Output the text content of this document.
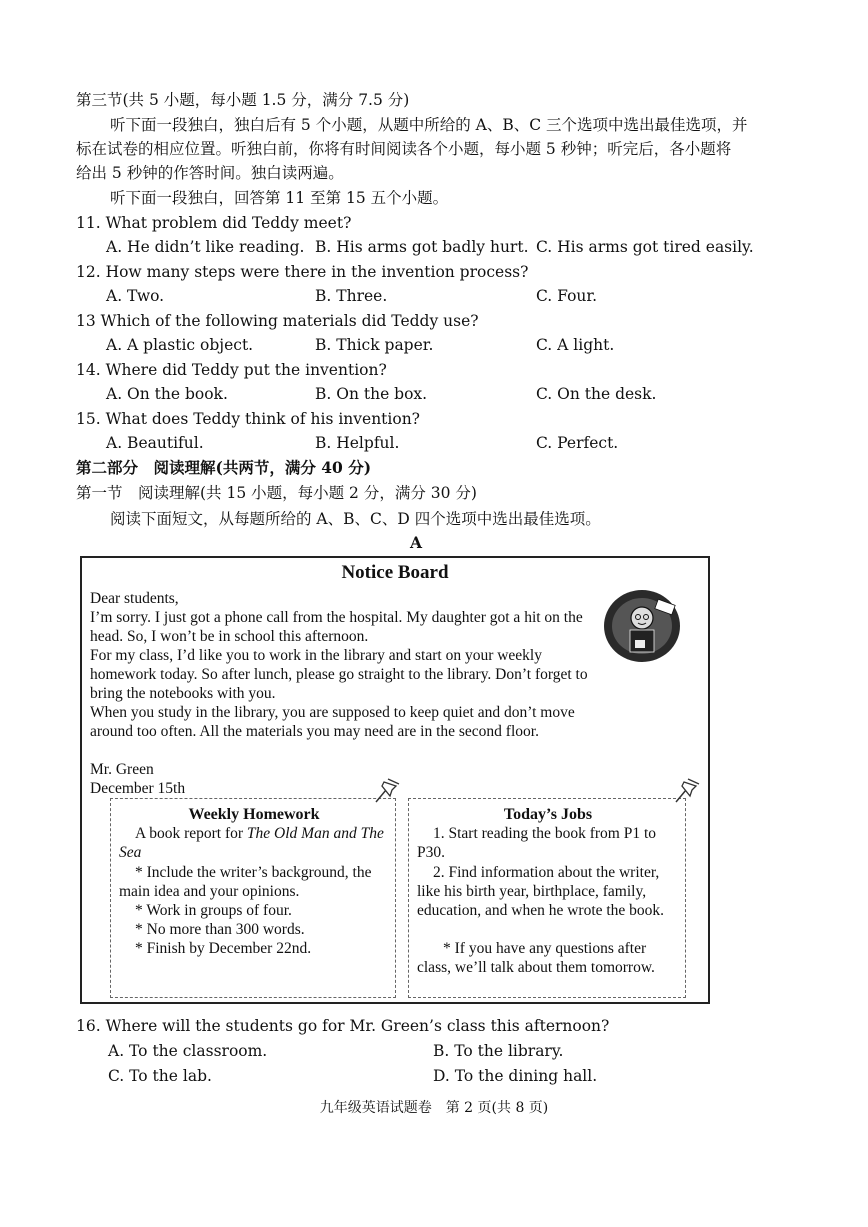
第三节(共 5 小题，每小题 1.5 分，满分 7.5 分)
听下面一段独白，独白后有 5 个小题，从题中所给的 A、B、C 三个选项中选出最佳选项，并
标在试卷的相应位置。听独白前，你将有时间阅读各个小题，每小题 5 秒钟；听完后，各小题将
给出 5 秒钟的作答时间。独白读两遍。
听下面一段独白，回答第 11 至第 15 五个小题。
11. What problem did Teddy meet?
A. He didn’t like reading. B. His arms got badly hurt. C. His arms got tired easily.
12. How many steps were there in the invention process?
A. Two.	B. Three.	C. Four.
13 Which of the following materials did Teddy use?
A. A plastic object.	B. Thick paper.	C. A light.
14. Where did Teddy put the invention?
A. On the book.	B. On the box.	C. On the desk.
15. What does Teddy think of his invention?
A. Beautiful.	B. Helpful.	C. Perfect.
第二部分　阅读理解(共两节，满分 40 分)
第一节　阅读理解(共 15 小题，每小题 2 分，满分 30 分)
阅读下面短文，从每题所给的 A、B、C、D 四个选项中选出最佳选项。
A
Notice Board
Dear students,
I’m sorry. I just got a phone call from the hospital. My daughter got a hit on the head. So, I won’t be in school this afternoon.
For my class, I’d like you to work in the library and start on your weekly homework today. So after lunch, please go straight to the library. Don’t forget to bring the notebooks with you.
When you study in the library, you are supposed to keep quiet and don’t move around too often. All the materials you may need are in the second floor.
Mr. Green
December 15th
Weekly Homework

A book report for The Old Man and The Sea

* Include the writer’s background, the main idea and your opinions.

* Work in groups of four.

* No more than 300 words.

* Finish by December 22nd.

Today’s Jobs

1. Start reading the book from P1 to P30.

2. Find information about the writer, like his birth year, birthplace, family, education, and when he wrote the book.

* If you have any questions after class, we’ll talk about them tomorrow.

16. Where will the students go for Mr. Green’s class this afternoon?
A. To the classroom.	B. To the library.
C. To the lab.	D. To the dining hall.
九年级英语试题卷　第 2 页(共 8 页)
